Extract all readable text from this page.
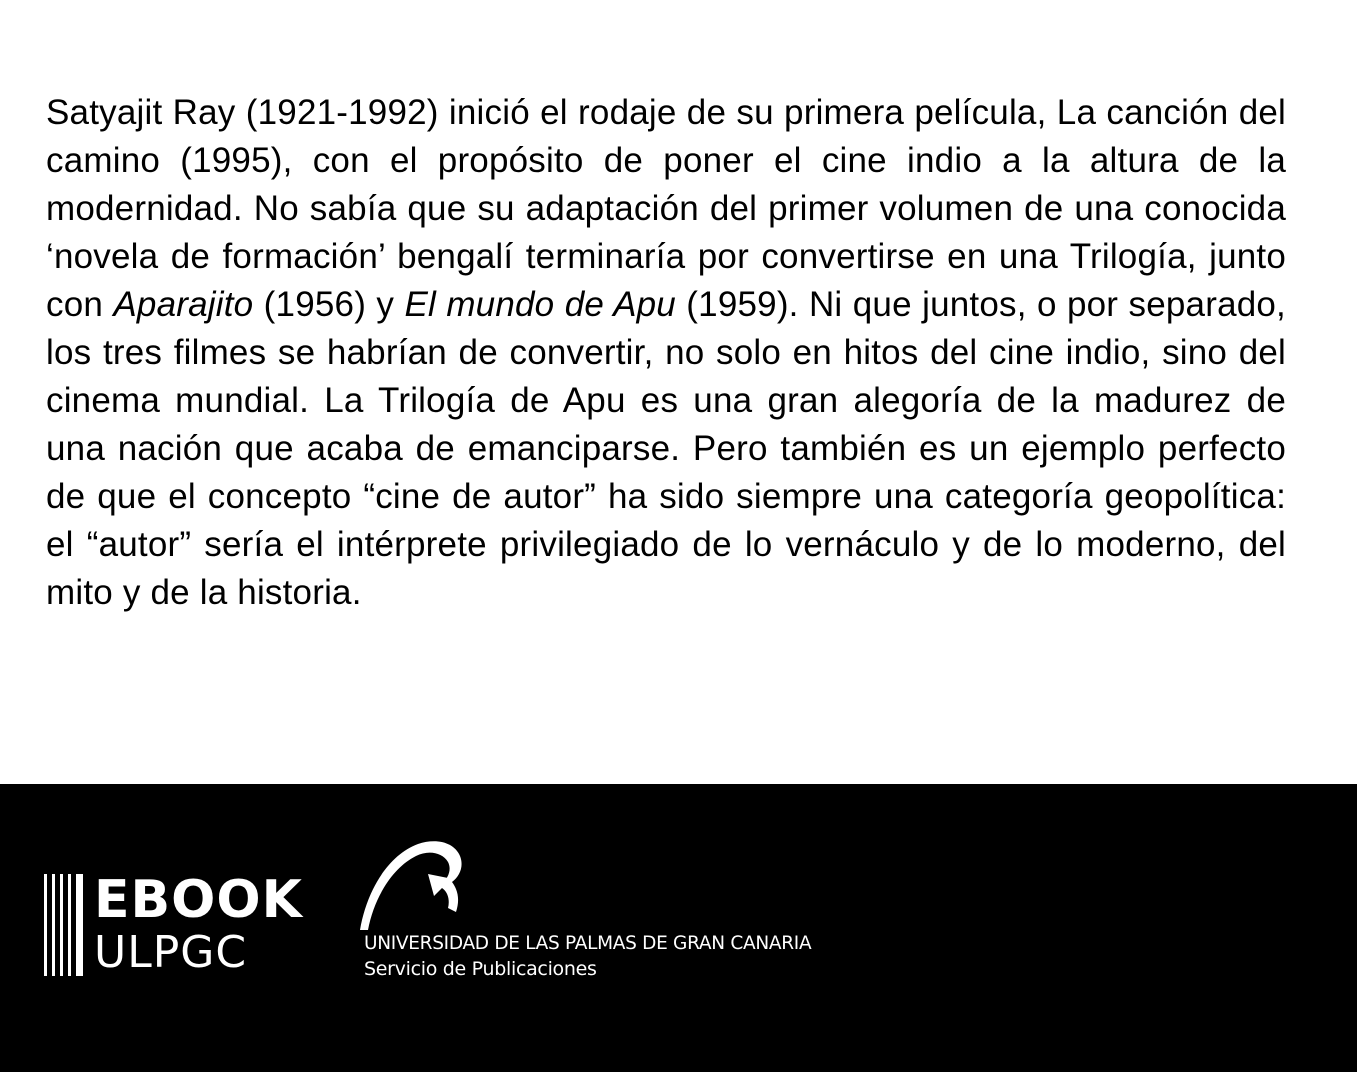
Satyajit Ray (1921-1992) inició el rodaje de su primera película, La canción del camino (1995), con el propósito de poner el cine indio a la altura de la modernidad. No sabía que su adaptación del primer volumen de una conocida ‘novela de formación’ bengalí terminaría por convertirse en una Trilogía, junto con Aparajito (1956) y El mundo de Apu (1959). Ni que juntos, o por separado, los tres filmes se habrían de convertir, no solo en hitos del cine indio, sino del cinema mundial. La Trilogía de Apu es una gran alegoría de la madurez de una nación que acaba de emanciparse. Pero también es un ejemplo perfecto de que el concepto “cine de autor” ha sido siempre una categoría geopolítica: el “autor” sería el intérprete privilegiado de lo vernáculo y de lo moderno, del mito y de la historia.

EBOOK
ULPGC	UNIVERSIDAD DE LAS PALMAS DE GRAN CANARIA
Servicio de Publicaciones
